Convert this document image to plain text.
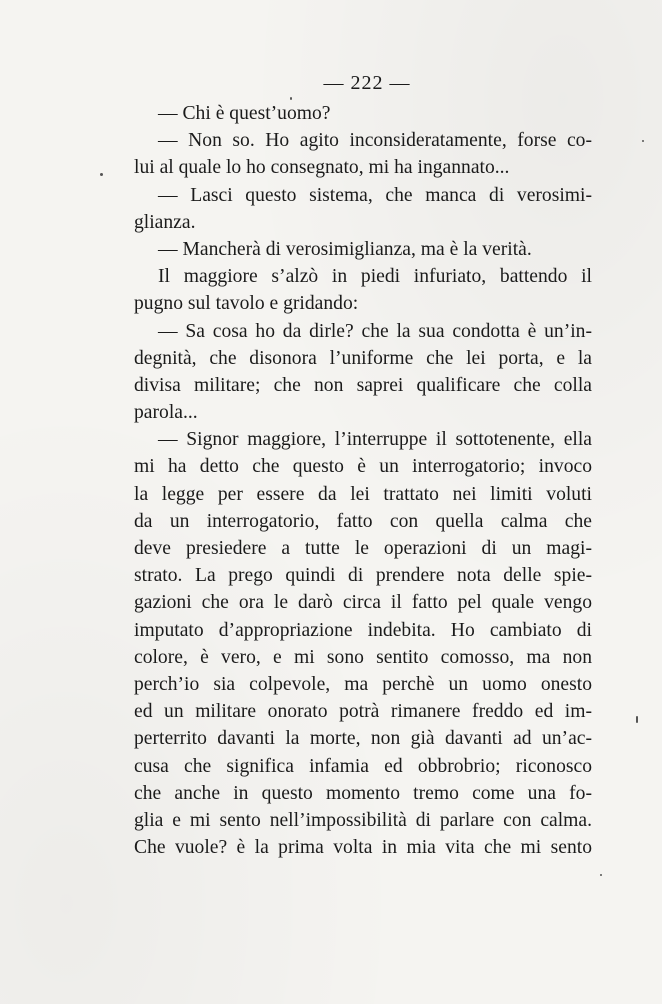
— 222 —
— Chi è quest’uomo?
— Non so. Ho agito inconsideratamente, forse co-
lui al quale lo ho consegnato, mi ha ingannato...
— Lasci questo sistema, che manca di verosimi-
glianza.
— Mancherà di verosimiglianza, ma è la verità.
Il maggiore s’alzò in piedi infuriato, battendo il
pugno sul tavolo e gridando:
— Sa cosa ho da dirle? che la sua condotta è un’in-
degnità, che disonora l’uniforme che lei porta, e la
divisa militare; che non saprei qualificare che colla
parola...
— Signor maggiore, l’interruppe il sottotenente, ella
mi ha detto che questo è un interrogatorio; invoco
la legge per essere da lei trattato nei limiti voluti
da un interrogatorio, fatto con quella calma che
deve presiedere a tutte le operazioni di un magi-
strato. La prego quindi di prendere nota delle spie-
gazioni che ora le darò circa il fatto pel quale vengo
imputato d’appropriazione indebita. Ho cambiato di
colore, è vero, e mi sono sentito comosso, ma non
perch’io sia colpevole, ma perchè un uomo onesto
ed un militare onorato potrà rimanere freddo ed im-
perterrito davanti la morte, non già davanti ad un’ac-
cusa che significa infamia ed obbrobrio; riconosco
che anche in questo momento tremo come una fo-
glia e mi sento nell’impossibilità di parlare con calma.
Che vuole? è la prima volta in mia vita che mi sento
